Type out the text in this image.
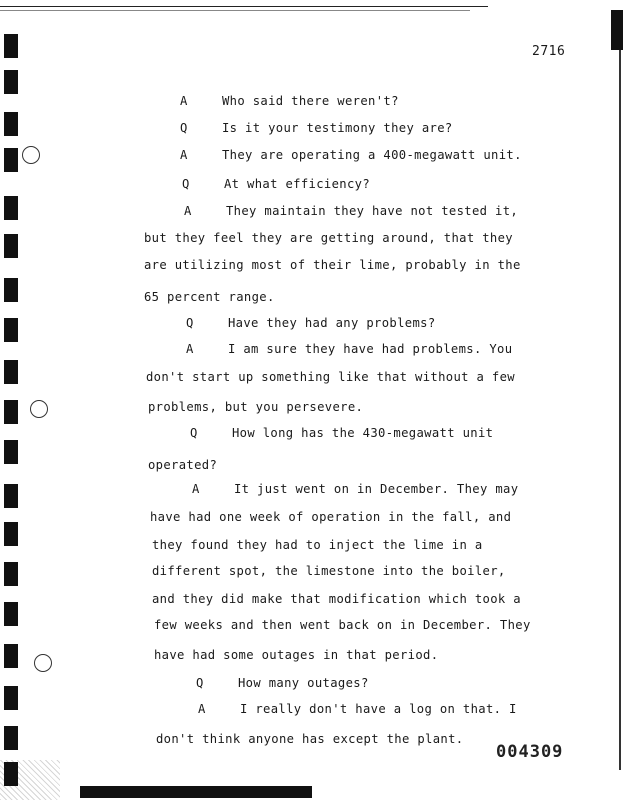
2716
A	Who said there weren't?
Q	Is it your testimony they are?
A	They are operating a 400-megawatt unit.
Q	At what efficiency?
A	They maintain they have not tested it,
but they feel they are getting around, that they
are utilizing most of their lime, probably in the
65 percent range.
Q	Have they had any problems?
A	I am sure they have had problems. You
don't start up something like that without a few
problems, but you persevere.
Q	How long has the 430-megawatt unit
operated?
A	It just went on in December. They may
have had one week of operation in the fall, and
they found they had to inject the lime in a
different spot, the limestone into the boiler,
and they did make that modification which took a
few weeks and then went back on in December. They
have had some outages in that period.
Q	How many outages?
A	I really don't have a log on that. I
don't think anyone has except the plant.
004309
